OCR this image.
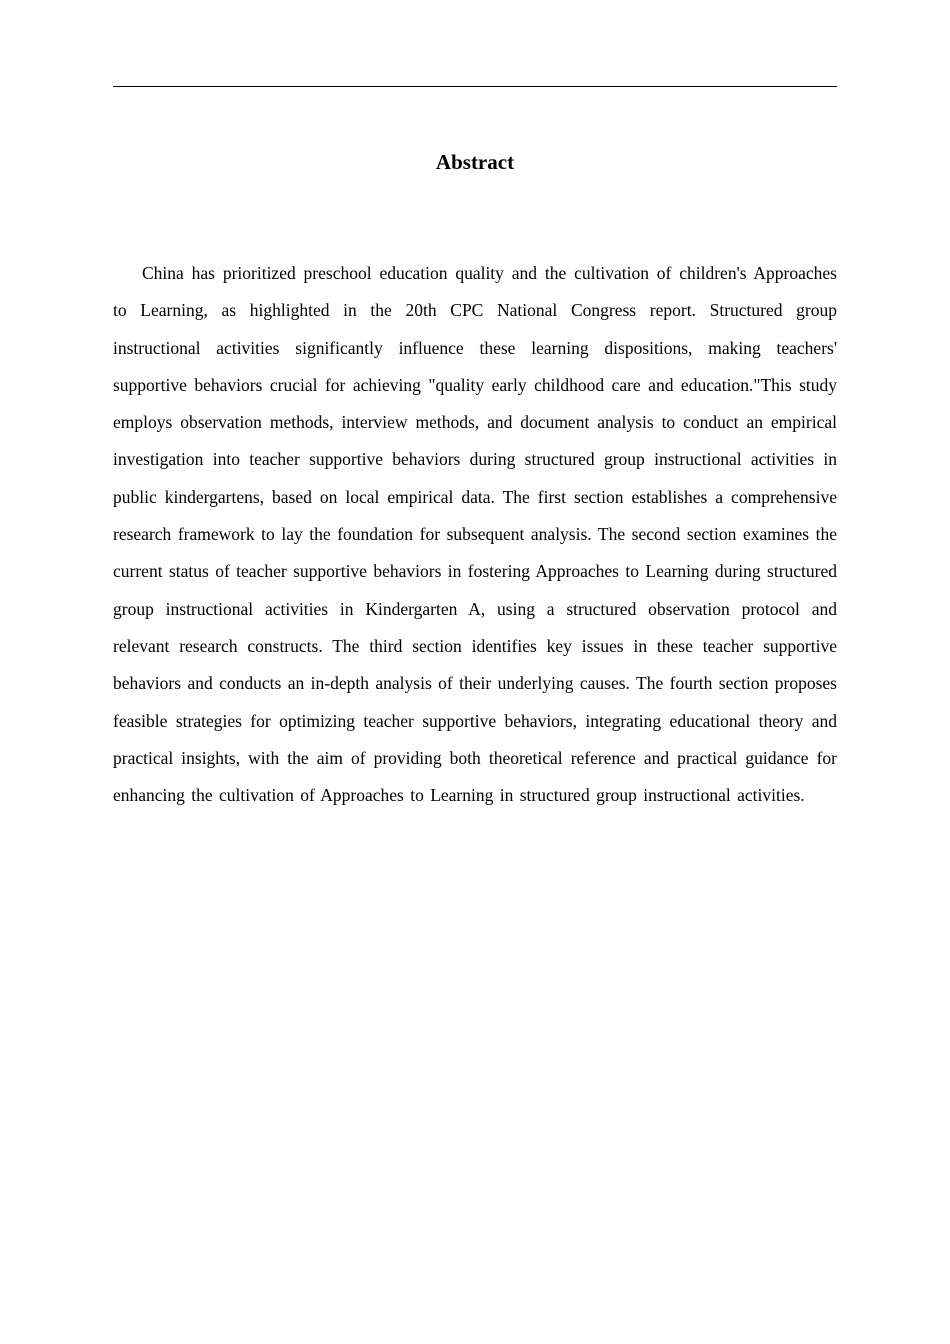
Abstract

China has prioritized preschool education quality and the cultivation of children's Approaches to Learning, as highlighted in the 20th CPC National Congress report. Structured group instructional activities significantly influence these learning dispositions, making teachers' supportive behaviors crucial for achieving "quality early childhood care and education."This study employs observation methods, interview methods, and document analysis to conduct an empirical investigation into teacher supportive behaviors during structured group instructional activities in public kindergartens, based on local empirical data. The first section establishes a comprehensive research framework to lay the foundation for subsequent analysis. The second section examines the current status of teacher supportive behaviors in fostering Approaches to Learning during structured group instructional activities in Kindergarten A, using a structured observation protocol and relevant research constructs. The third section identifies key issues in these teacher supportive behaviors and conducts an in-depth analysis of their underlying causes. The fourth section proposes feasible strategies for optimizing teacher supportive behaviors, integrating educational theory and practical insights, with the aim of providing both theoretical reference and practical guidance for enhancing the cultivation of Approaches to Learning in structured group instructional activities.
